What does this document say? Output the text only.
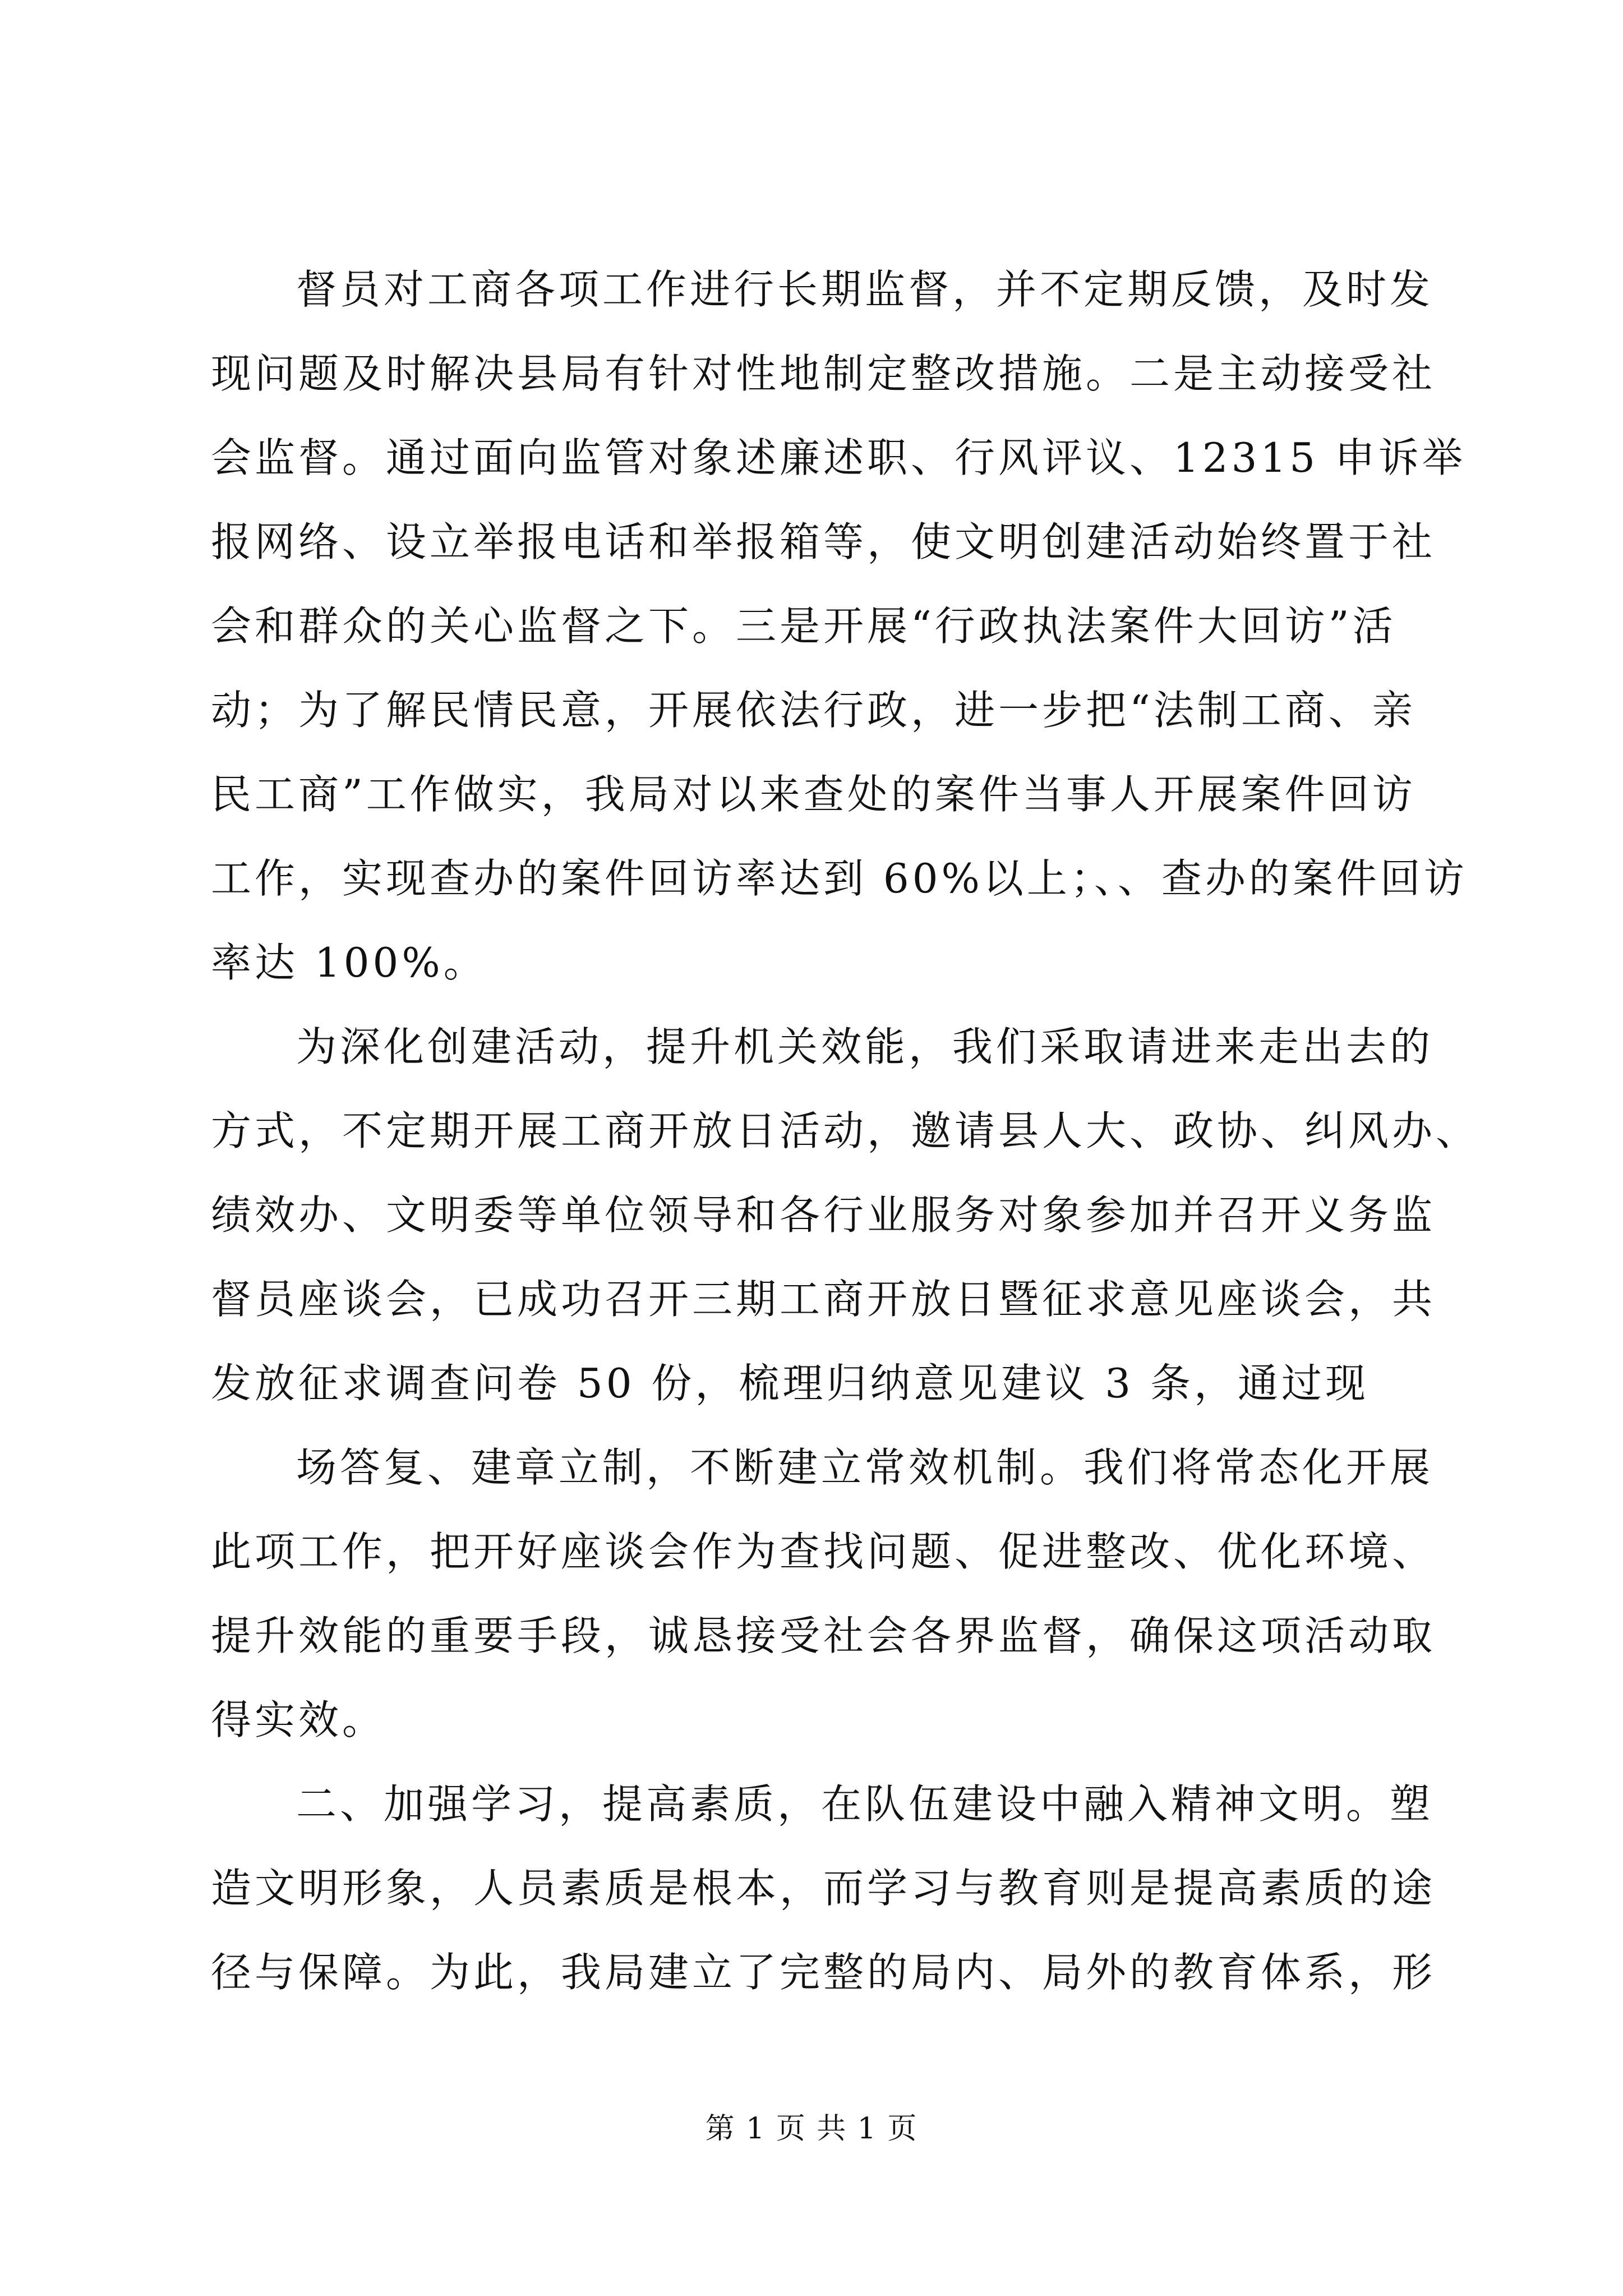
督员对工商各项工作进行长期监督，并不定期反馈，及时发
现问题及时解决县局有针对性地制定整改措施。二是主动接受社
会监督。通过面向监管对象述廉述职、行风评议、12315 申诉举
报网络、设立举报电话和举报箱等，使文明创建活动始终置于社
会和群众的关心监督之下。三是开展“行政执法案件大回访”活
动；为了解民情民意，开展依法行政，进一步把“法制工商、亲
民工商”工作做实，我局对以来查处的案件当事人开展案件回访
工作，实现查办的案件回访率达到 60%以上；、、查办的案件回访
率达 100%。
为深化创建活动，提升机关效能，我们采取请进来走出去的
方式，不定期开展工商开放日活动，邀请县人大、政协、纠风办、
绩效办、文明委等单位领导和各行业服务对象参加并召开义务监
督员座谈会，已成功召开三期工商开放日暨征求意见座谈会，共
发放征求调查问卷 50 份，梳理归纳意见建议 3 条，通过现
场答复、建章立制，不断建立常效机制。我们将常态化开展
此项工作，把开好座谈会作为查找问题、促进整改、优化环境、
提升效能的重要手段，诚恳接受社会各界监督，确保这项活动取
得实效。
二、加强学习，提高素质，在队伍建设中融入精神文明。塑
造文明形象，人员素质是根本，而学习与教育则是提高素质的途
径与保障。为此，我局建立了完整的局内、局外的教育体系，形
第 1 页 共 1 页
